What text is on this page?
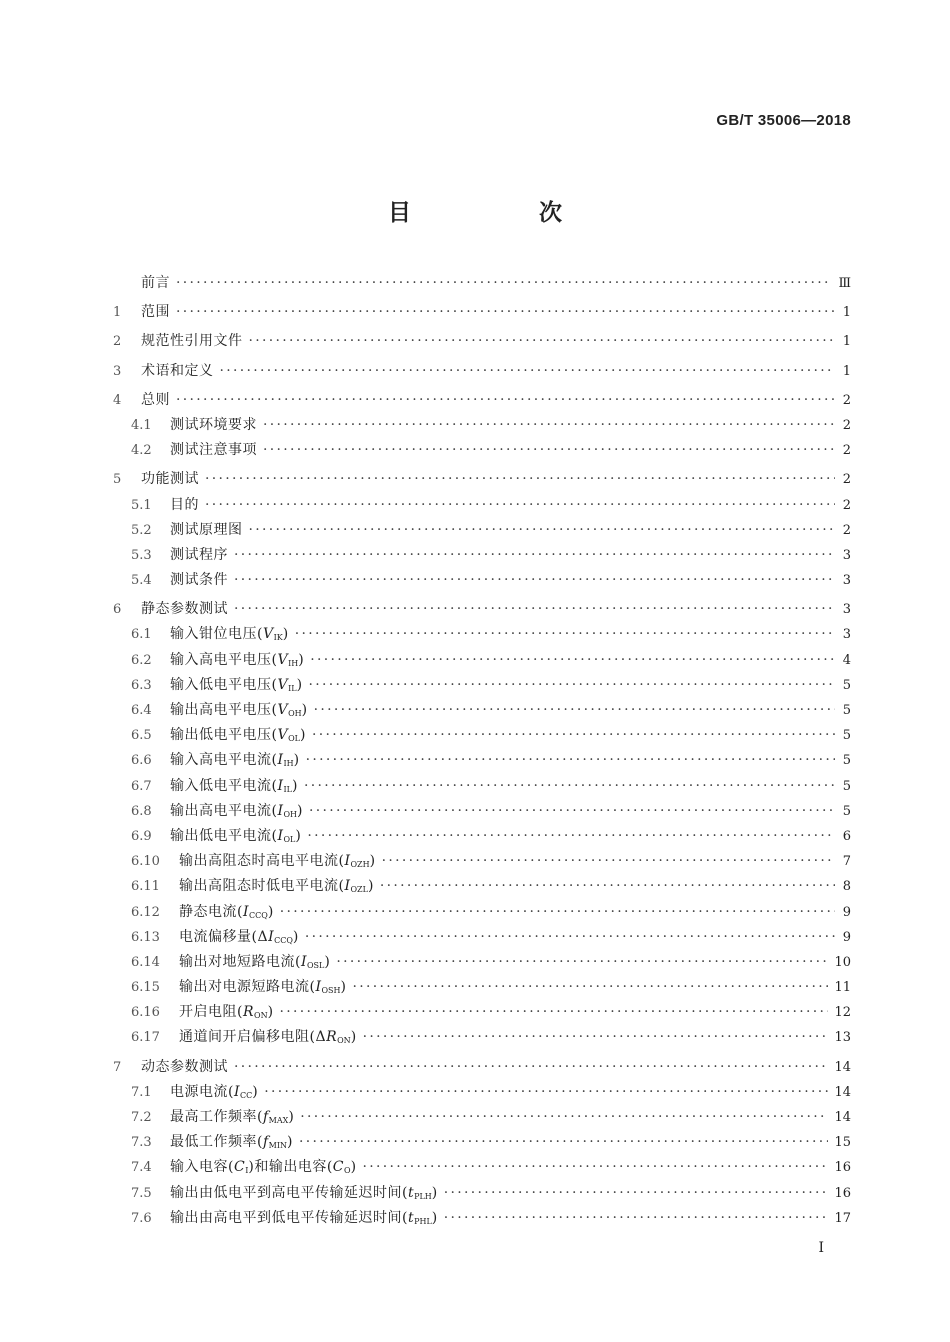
GB/T 35006—2018
目 次
前言 ·····	Ⅲ
1	范围 ·····	1
2	规范性引用文件 ·····	1
3	术语和定义 ·····	1
4	总则 ·····	2
4.1	测试环境要求 ·····	2
4.2	测试注意事项 ·····	2
5	功能测试 ·····	2
5.1	目的 ·····	2
5.2	测试原理图 ·····	2
5.3	测试程序 ·····	3
5.4	测试条件 ·····	3
6	静态参数测试 ·····	3
6.1	输入钳位电压$(V_{IK})$ ·····	3
6.2	输入高电平电压$(V_{IH})$ ·····	4
6.3	输入低电平电压$(V_{IL})$ ·····	5
6.4	输出高电平电压$(V_{OH})$ ·····	5
6.5	输出低电平电压$(V_{OL})$ ·····	5
6.6	输入高电平电流$(I_{IH})$ ·····	5
6.7	输入低电平电流$(I_{IL})$ ·····	5
6.8	输出高电平电流$(I_{OH})$ ·····	5
6.9	输出低电平电流$(I_{OL})$ ·····	6
6.10	输出高阻态时高电平电流$(I_{OZH})$ ·····	7
6.11	输出高阻态时低电平电流$(I_{OZL})$ ·····	8
6.12	静态电流$(I_{CCQ})$ ·····	9
6.13	电流偏移量$(\Delta I_{CCQ})$ ·····	9
6.14	输出对地短路电流$(I_{OSL})$ ·····	10
6.15	输出对电源短路电流$(I_{OSH})$ ·····	11
6.16	开启电阻$(R_{ON})$ ·····	12
6.17	通道间开启偏移电阻$(\Delta R_{ON})$ ·····	13
7	动态参数测试 ·····	14
7.1	电源电流$(I_{CC})$ ·····	14
7.2	最高工作频率$(f_{MAX})$ ·····	14
7.3	最低工作频率$(f_{MIN})$ ·····	15
7.4	输入电容$(C_I)$和输出电容$(C_O)$ ·····	16
7.5	输出由低电平到高电平传输延迟时间$(t_{PLH})$ ·····	16
7.6	输出由高电平到低电平传输延迟时间$(t_{PHL})$ ·····	17
I
